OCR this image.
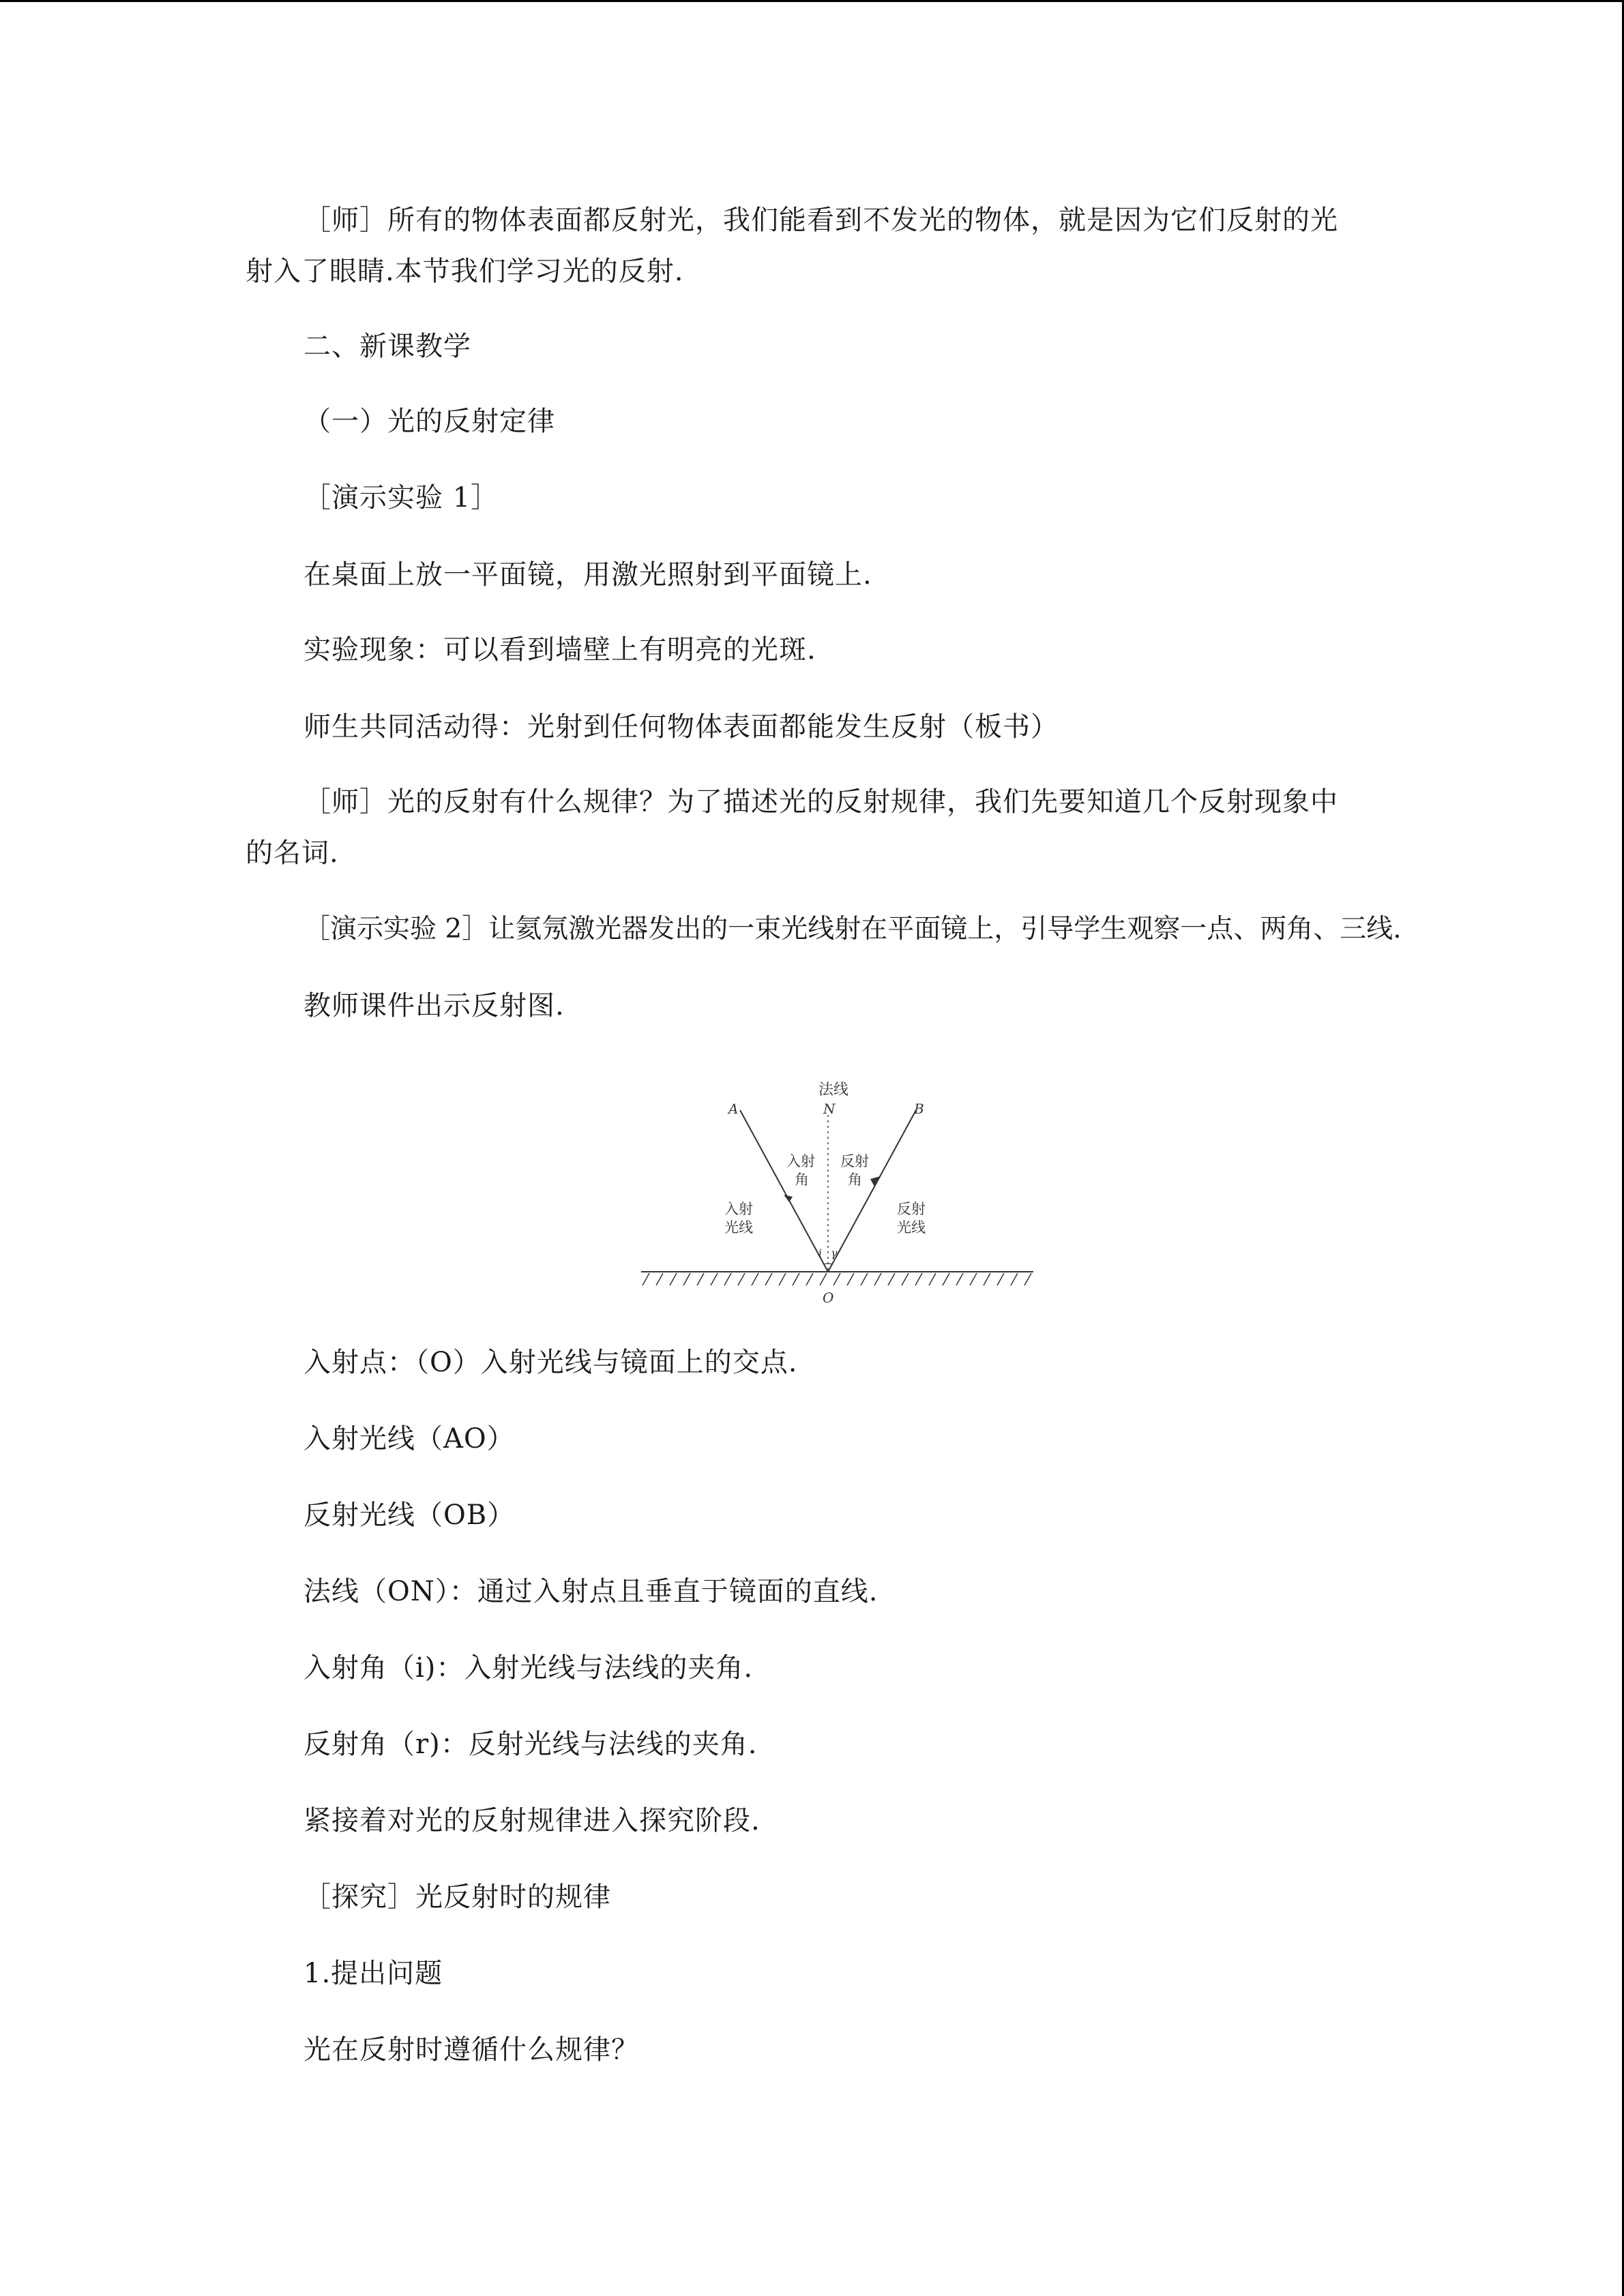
［师］所有的物体表面都反射光，我们能看到不发光的物体，就是因为它们反射的光
射入了眼睛.本节我们学习光的反射.
二、新课教学
（一）光的反射定律
［演示实验 1］
在桌面上放一平面镜，用激光照射到平面镜上.
实验现象：可以看到墙壁上有明亮的光斑.
师生共同活动得：光射到任何物体表面都能发生反射（板书）
［师］光的反射有什么规律？为了描述光的反射规律，我们先要知道几个反射现象中
的名词.
［演示实验 2］让氦氖激光器发出的一束光线射在平面镜上，引导学生观察一点、两角、三线.
教师课件出示反射图.
法线
A	N	B
O
入射
角
反射
角
入射
光线
反射
光线
i γ
入射点：（O）入射光线与镜面上的交点.
入射光线（AO）
反射光线（OB）
法线（ON）：通过入射点且垂直于镜面的直线.
入射角（i)：入射光线与法线的夹角.
反射角（r)：反射光线与法线的夹角.
紧接着对光的反射规律进入探究阶段.
［探究］光反射时的规律
1.提出问题
光在反射时遵循什么规律？
